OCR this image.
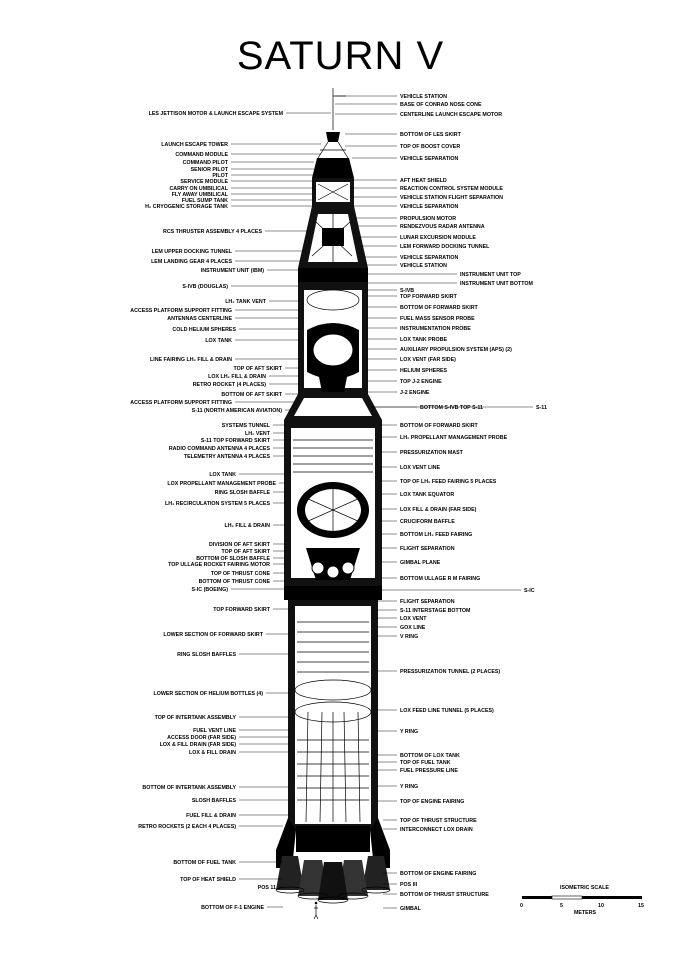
SATURN V
LES JETTISON MOTOR & LAUNCH ESCAPE SYSTEM
LAUNCH ESCAPE TOWER
COMMAND MODULE
COMMAND PILOT
SENIOR PILOT
PILOT
SERVICE MODULE
CARRY ON UMBILICAL
FLY AWAY UMBILICAL
FUEL SUMP TANK
H₂ CRYOGENIC STORAGE TANK
RCS THRUSTER ASSEMBLY 4 PLACES
LEM UPPER DOCKING TUNNEL
LEM LANDING GEAR 4 PLACES
INSTRUMENT UNIT (IBM)
S-IVB (DOUGLAS)
LH₂ TANK VENT
ACCESS PLATFORM SUPPORT FITTING
ANTENNAS CENTERLINE
COLD HELIUM SPHERES
LOX TANK
LINE FAIRING LH₂ FILL & DRAIN
TOP OF AFT SKIRT
LOX LH₂ FILL & DRAIN
RETRO ROCKET (4 PLACES)
BOTTOM OF AFT SKIRT
ACCESS PLATFORM SUPPORT FITTING
S-11 (NORTH AMERICAN AVIATION)
SYSTEMS TUNNEL
LH₂ VENT
S-11 TOP FORWARD SKIRT
RADIO COMMAND ANTENNA 4 PLACES
TELEMETRY ANTENNA 4 PLACES
LOX TANK
LOX PROPELLANT MANAGEMENT PROBE
RING SLOSH BAFFLE
LH₂ RECIRCULATION SYSTEM 5 PLACES
LH₂ FILL & DRAIN
DIVISION OF AFT SKIRT
TOP OF AFT SKIRT
BOTTOM OF SLOSH BAFFLE
TOP ULLAGE ROCKET FAIRING MOTOR
TOP OF THRUST CONE
BOTTOM OF THRUST CONE
S-IC (BOEING)
TOP FORWARD SKIRT
LOWER SECTION OF FORWARD SKIRT
RING SLOSH BAFFLES
LOWER SECTION OF HELIUM BOTTLES (4)
TOP OF INTERTANK ASSEMBLY
FUEL VENT LINE
ACCESS DOOR (FAR SIDE)
LOX & FILL DRAIN (FAR SIDE)
LOX & FILL DRAIN
BOTTOM OF INTERTANK ASSEMBLY
SLOSH BAFFLES
FUEL FILL & DRAIN
RETRO ROCKETS (2 EACH 4 PLACES)
BOTTOM OF FUEL TANK
TOP OF HEAT SHIELD
POS 11
BOTTOM OF F-1 ENGINE
VEHICLE STATION
BASE OF CONRAD NOSE CONE
CENTERLINE LAUNCH ESCAPE MOTOR
BOTTOM OF LES SKIRT
TOP OF BOOST COVER
VEHICLE SEPARATION
AFT HEAT SHIELD
REACTION CONTROL SYSTEM MODULE
VEHICLE STATION FLIGHT SEPARATION
VEHICLE SEPARATION
PROPULSION MOTOR
RENDEZVOUS RADAR ANTENNA
LUNAR EXCURSION MODULE
LEM FORWARD DOCKING TUNNEL
VEHICLE SEPARATION
VEHICLE STATION
INSTRUMENT UNIT TOP
INSTRUMENT UNIT BOTTOM
S-IVB
TOP FORWARD SKIRT
BOTTOM OF FORWARD SKIRT
FUEL MASS SENSOR PROBE
INSTRUMENTATION PROBE
LOX TANK PROBE
AUXILIARY PROPULSION SYSTEM (APS) (2)
LOX VENT (FAR SIDE)
HELIUM SPHERES
TOP J-2 ENGINE
J-2 ENGINE
BOTTOM S-IVB TOP S-11	S-11
BOTTOM OF FORWARD SKIRT
LH₂ PROPELLANT MANAGEMENT PROBE
PRESSURIZATION MAST
LOX VENT LINE
TOP OF LH₂ FEED FAIRING 5 PLACES
LOX TANK EQUATOR
LOX FILL & DRAIN (FAR SIDE)
CRUCIFORM BAFFLE
BOTTOM LH₂ FEED FAIRING
FLIGHT SEPARATION
GIMBAL PLANE
BOTTOM ULLAGE R M FAIRING
S-IC
FLIGHT SEPARATION
S-11 INTERSTAGE BOTTOM
LOX VENT
GOX LINE
V RING
PRESSURIZATION TUNNEL (2 PLACES)
LOX FEED LINE TUNNEL (5 PLACES)
Y RING
BOTTOM OF LOX TANK
TOP OF FUEL TANK
FUEL PRESSURE LINE
Y RING
TOP OF ENGINE FAIRING
TOP OF THRUST STRUCTURE
INTERCONNECT LOX DRAIN
BOTTOM OF ENGINE FAIRING
POS III
BOTTOM OF THRUST STRUCTURE
GIMBAL
ISOMETRIC SCALE
0	5	10	15
METERS
